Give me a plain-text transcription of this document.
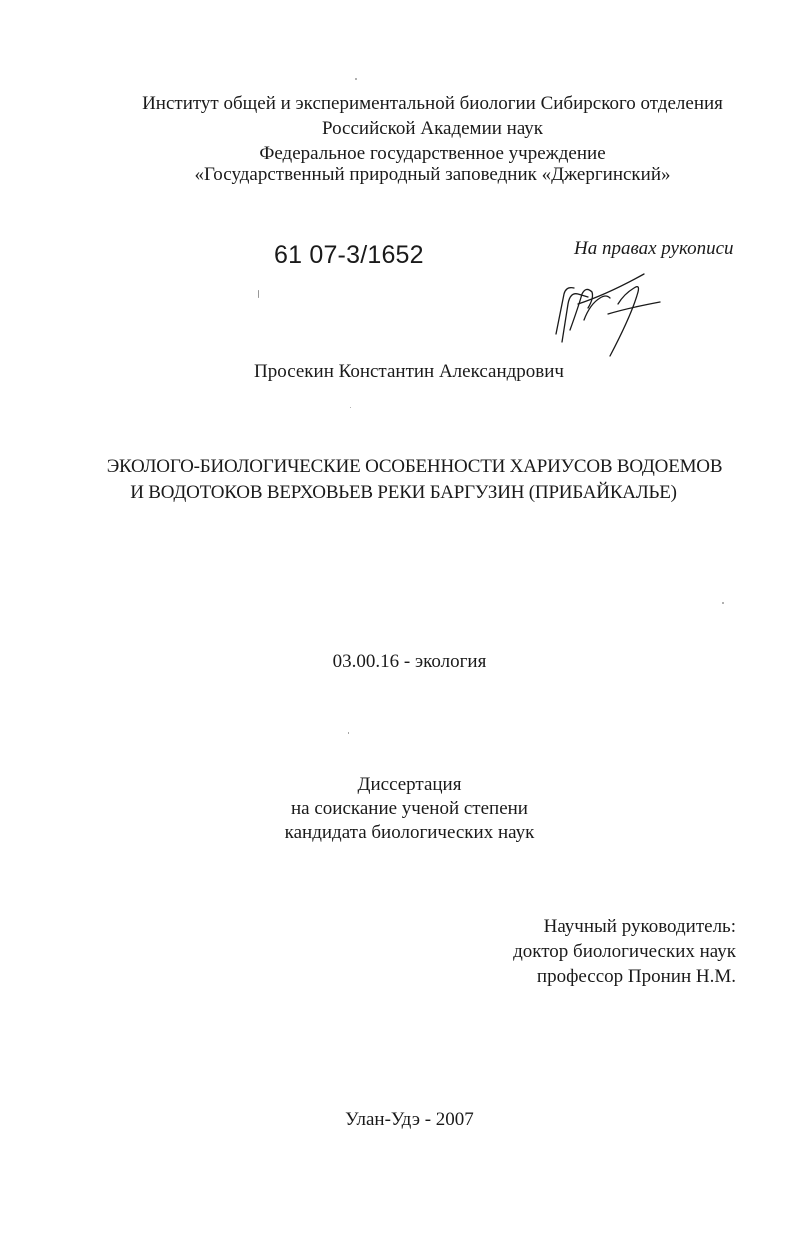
Институт общей и экспериментальной биологии Сибирского отделения
Российской Академии наук
Федеральное государственное учреждение
«Государственный природный заповедник «Джергинский»
61 07-3/1652	На правах рукописи
Просекин Константин Александрович
ЭКОЛОГО-БИОЛОГИЧЕСКИЕ ОСОБЕННОСТИ ХАРИУСОВ ВОДОЕМОВ
И ВОДОТОКОВ ВЕРХОВЬЕВ РЕКИ БАРГУЗИН (ПРИБАЙКАЛЬЕ)
03.00.16 - экология
Диссертация
на соискание ученой степени
кандидата биологических наук
Научный руководитель:
доктор биологических наук
профессор Пронин Н.М.
Улан-Удэ - 2007
